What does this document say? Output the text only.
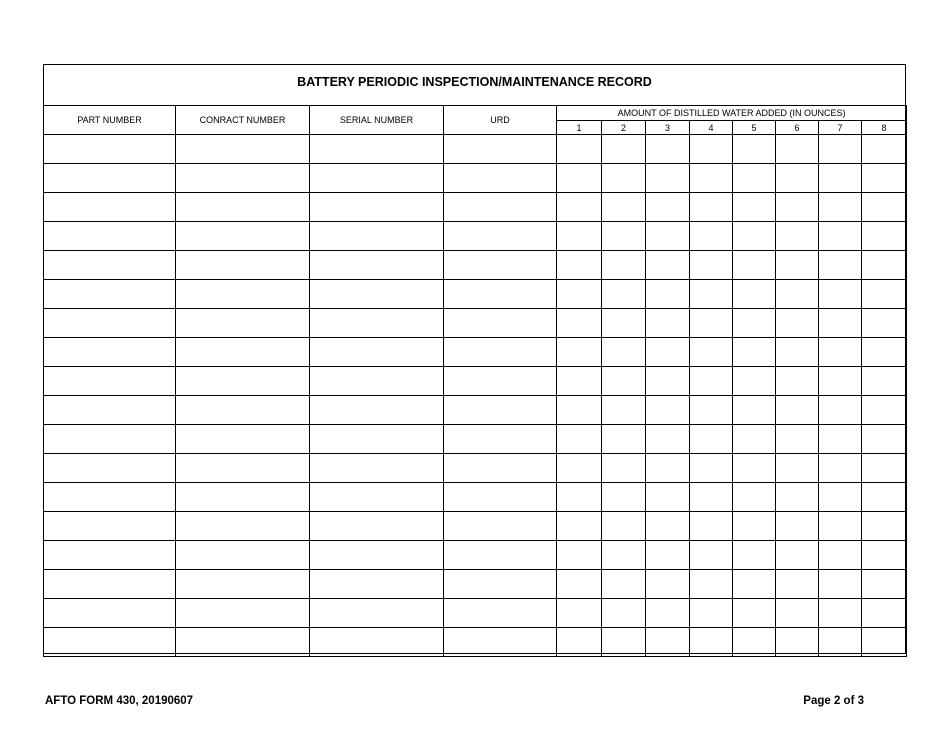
BATTERY PERIODIC INSPECTION/MAINTENANCE RECORD
PART NUMBER	CONRACT NUMBER	SERIAL NUMBER	URD	AMOUNT OF DISTILLED WATER ADDED (IN OUNCES)							
				1	2	3	4	5	6	7	8

AFTO FORM 430, 20190607	Page 2 of 3
